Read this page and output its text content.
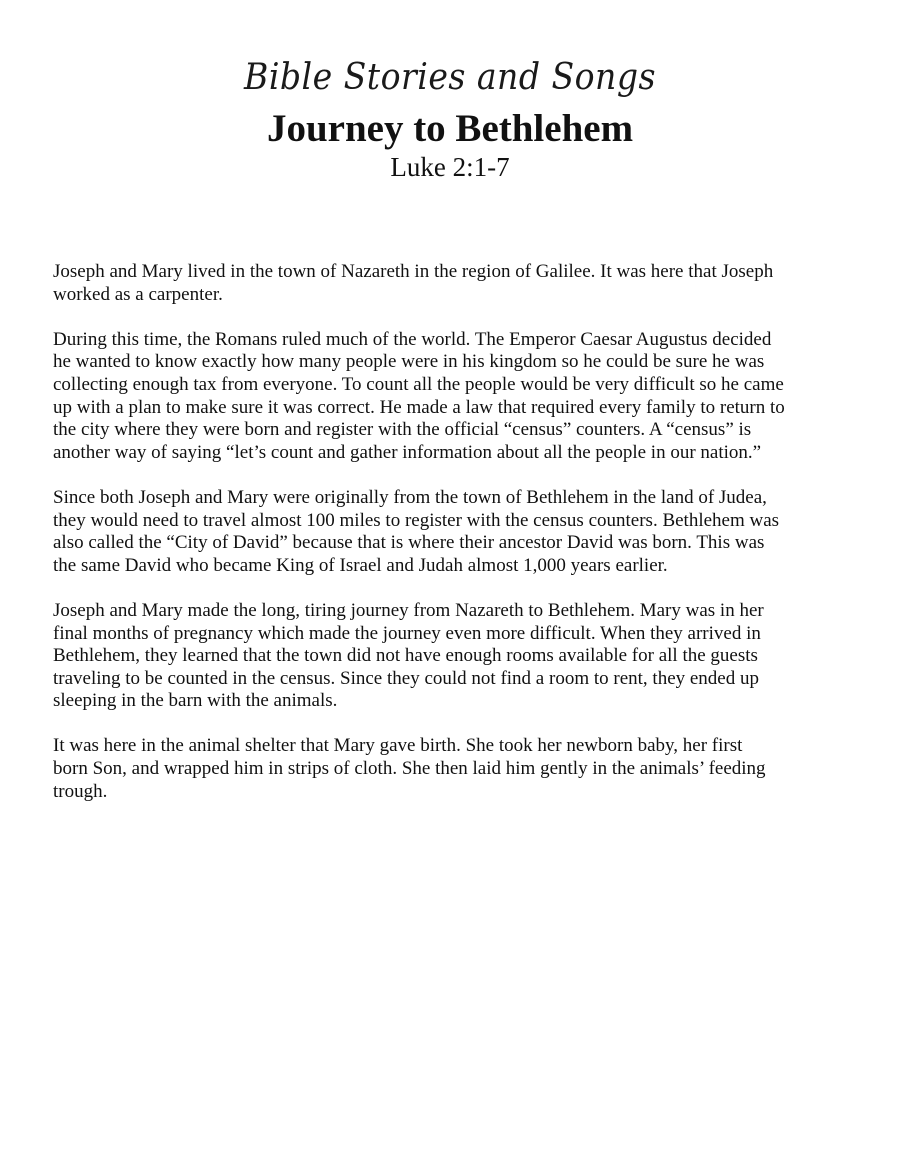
Bible Stories and Songs
Journey to Bethlehem
Luke 2:1-7

Joseph and Mary lived in the town of Nazareth in the region of Galilee. It was here that Joseph
worked as a carpenter.

During this time, the Romans ruled much of the world. The Emperor Caesar Augustus decided
he wanted to know exactly how many people were in his kingdom so he could be sure he was
collecting enough tax from everyone. To count all the people would be very difficult so he came
up with a plan to make sure it was correct. He made a law that required every family to return to
the city where they were born and register with the official “census” counters. A “census” is
another way of saying “let’s count and gather information about all the people in our nation.”

Since both Joseph and Mary were originally from the town of Bethlehem in the land of Judea,
they would need to travel almost 100 miles to register with the census counters. Bethlehem was
also called the “City of David” because that is where their ancestor David was born. This was
the same David who became King of Israel and Judah almost 1,000 years earlier.

Joseph and Mary made the long, tiring journey from Nazareth to Bethlehem. Mary was in her
final months of pregnancy which made the journey even more difficult. When they arrived in
Bethlehem, they learned that the town did not have enough rooms available for all the guests
traveling to be counted in the census. Since they could not find a room to rent, they ended up
sleeping in the barn with the animals.

It was here in the animal shelter that Mary gave birth. She took her newborn baby, her first
born Son, and wrapped him in strips of cloth. She then laid him gently in the animals’ feeding
trough.
